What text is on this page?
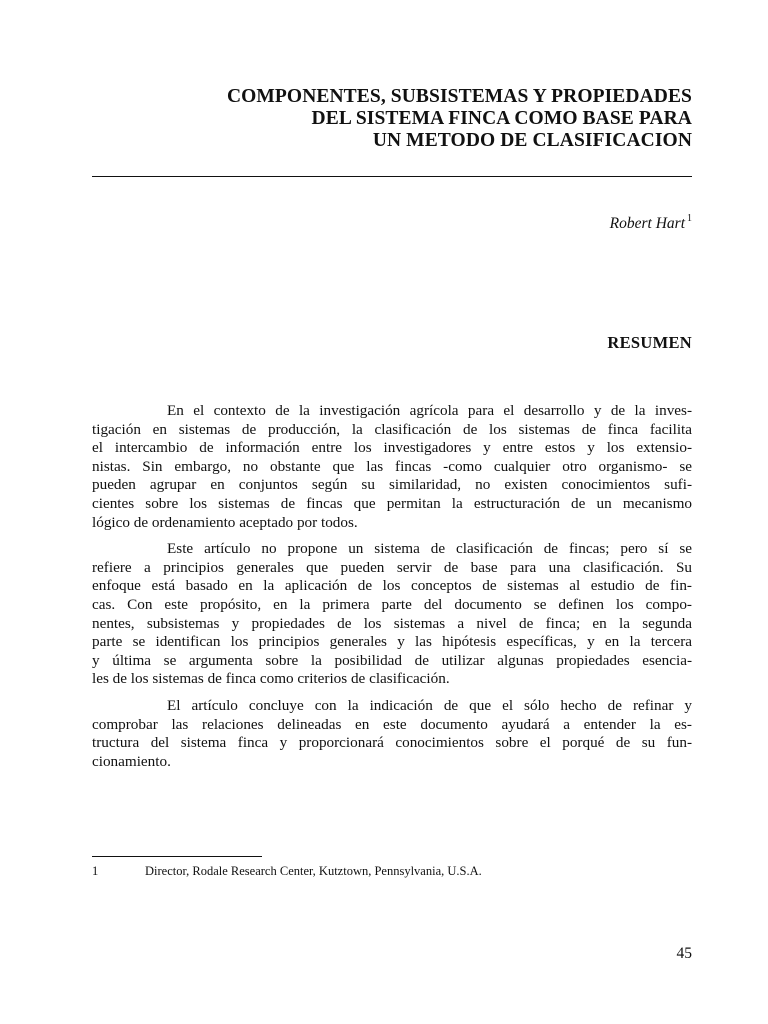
COMPONENTES, SUBSISTEMAS Y PROPIEDADES
DEL SISTEMA FINCA COMO BASE PARA
UN METODO DE CLASIFICACION
Robert Hart $^1$
RESUMEN
En el contexto de la investigación agrícola para el desarrollo y de la inves-
tigación en sistemas de producción, la clasificación de los sistemas de finca facilita
el intercambio de información entre los investigadores y entre estos y los extensio-
nistas. Sin embargo, no obstante que las fincas -como cualquier otro organismo- se
pueden agrupar en conjuntos según su similaridad, no existen conocimientos sufi-
cientes sobre los sistemas de fincas que permitan la estructuración de un mecanismo
lógico de ordenamiento aceptado por todos.
Este artículo no propone un sistema de clasificación de fincas; pero sí se
refiere a principios generales que pueden servir de base para una clasificación. Su
enfoque está basado en la aplicación de los conceptos de sistemas al estudio de fin-
cas. Con este propósito, en la primera parte del documento se definen los compo-
nentes, subsistemas y propiedades de los sistemas a nivel de finca; en la segunda
parte se identifican los principios generales y las hipótesis específicas, y en la tercera
y última se argumenta sobre la posibilidad de utilizar algunas propiedades esencia-
les de los sistemas de finca como criterios de clasificación.
El artículo concluye con la indicación de que el sólo hecho de refinar y
comprobar las relaciones delineadas en este documento ayudará a entender la es-
tructura del sistema finca y proporcionará conocimientos sobre el porqué de su fun-
cionamiento.
1	Director, Rodale Research Center, Kutztown, Pennsylvania, U.S.A.
45
